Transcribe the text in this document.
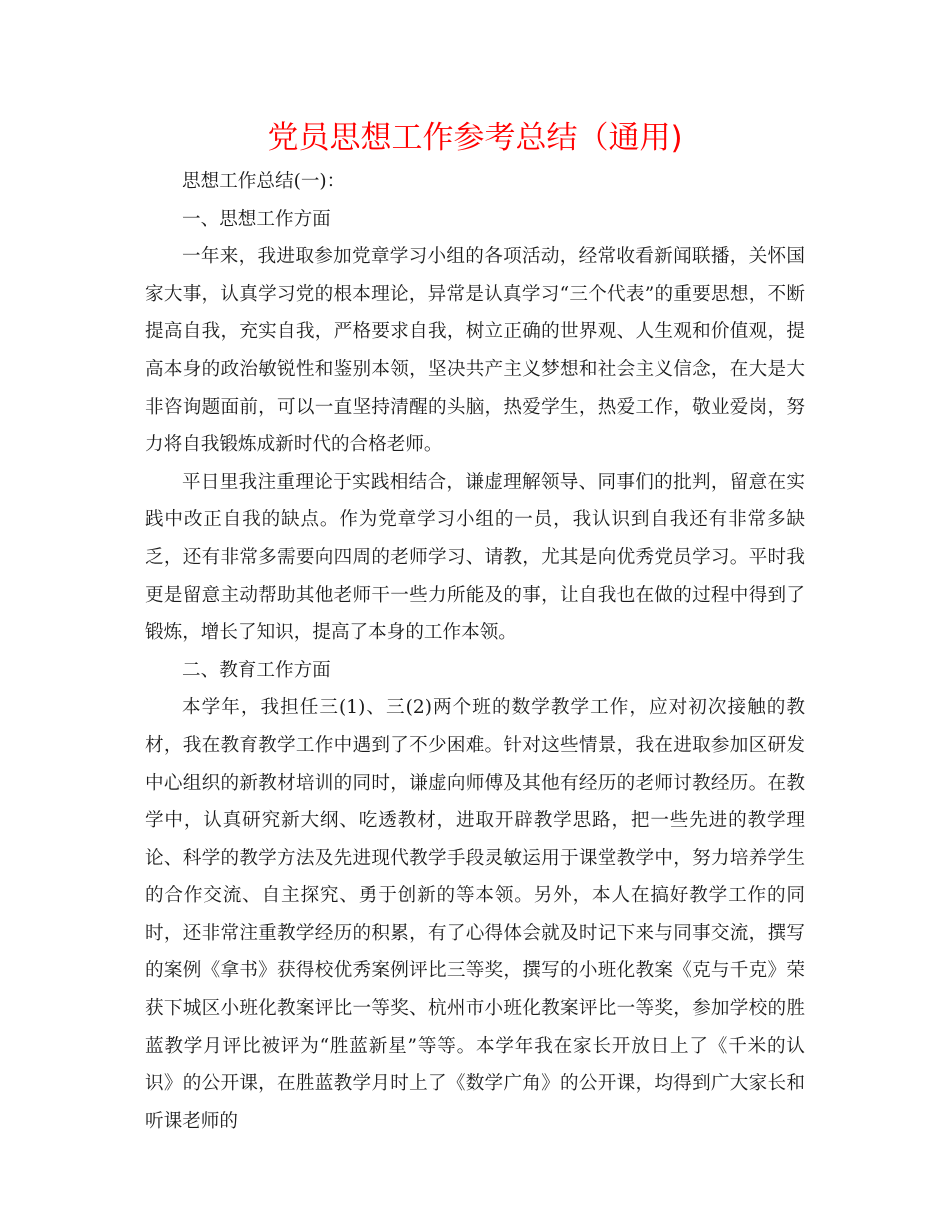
党员思想工作参考总结（通用)

思想工作总结(一)：

一、思想工作方面

一年来，我进取参加党章学习小组的各项活动，经常收看新闻联播，关怀国家大事，认真学习党的根本理论，异常是认真学习“三个代表”的重要思想，不断提高自我，充实自我，严格要求自我，树立正确的世界观、人生观和价值观，提高本身的政治敏锐性和鉴别本领，坚决共产主义梦想和社会主义信念，在大是大非咨询题面前，可以一直坚持清醒的头脑，热爱学生，热爱工作，敬业爱岗，努力将自我锻炼成新时代的合格老师。

平日里我注重理论于实践相结合，谦虚理解领导、同事们的批判，留意在实践中改正自我的缺点。作为党章学习小组的一员，我认识到自我还有非常多缺乏，还有非常多需要向四周的老师学习、请教，尤其是向优秀党员学习。平时我更是留意主动帮助其他老师干一些力所能及的事，让自我也在做的过程中得到了锻炼，增长了知识，提高了本身的工作本领。

二、教育工作方面

本学年，我担任三(1)、三(2)两个班的数学教学工作，应对初次接触的教材，我在教育教学工作中遇到了不少困难。针对这些情景，我在进取参加区研发中心组织的新教材培训的同时，谦虚向师傅及其他有经历的老师讨教经历。在教学中，认真研究新大纲、吃透教材，进取开辟教学思路，把一些先进的教学理论、科学的教学方法及先进现代教学手段灵敏运用于课堂教学中，努力培养学生的合作交流、自主探究、勇于创新的等本领。另外，本人在搞好教学工作的同时，还非常注重教学经历的积累，有了心得体会就及时记下来与同事交流，撰写的案例《拿书》获得校优秀案例评比三等奖，撰写的小班化教案《克与千克》荣获下城区小班化教案评比一等奖、杭州市小班化教案评比一等奖，参加学校的胜蓝教学月评比被评为“胜蓝新星”等等。本学年我在家长开放日上了《千米的认识》的公开课，在胜蓝教学月时上了《数学广角》的公开课，均得到广大家长和听课老师的
